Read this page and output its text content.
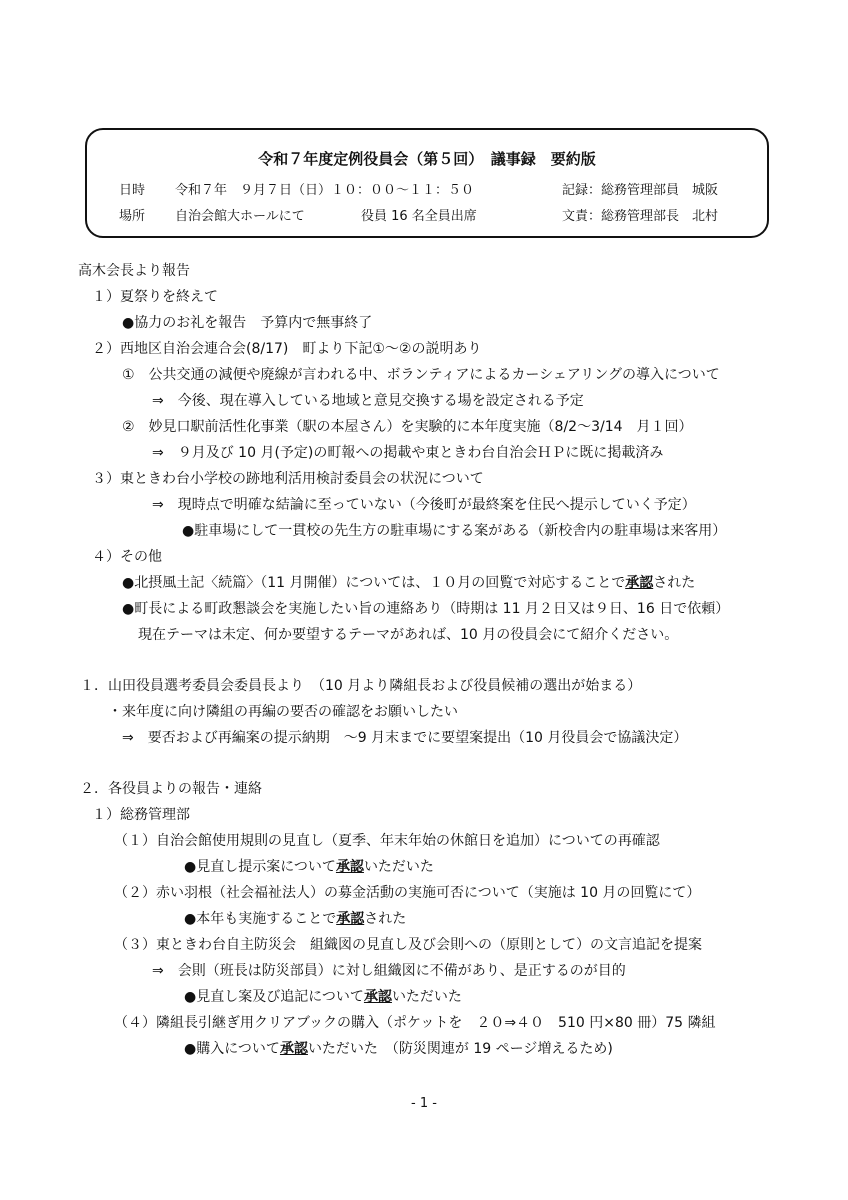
令和７年度定例役員会（第５回）　議事録　要約版
日時 令和７年　９月７日（日）１０：００〜１１：５０	記録：総務管理部員　城阪
場所 自治会館大ホールにて	役員 16 名全員出席	文責：総務管理部長　北村
高木会長より報告
１）夏祭りを終えて
●協力のお礼を報告　予算内で無事終了
２）西地区自治会連合会(8/17)　町より下記①〜②の説明あり
①　公共交通の減便や廃線が言われる中、ボランティアによるカーシェアリングの導入について
⇒　今後、現在導入している地域と意見交換する場を設定される予定
②　妙見口駅前活性化事業（駅の本屋さん）を実験的に本年度実施（8/2〜3/14　月１回）
⇒　９月及び 10 月(予定)の町報への掲載や東ときわ台自治会ＨＰに既に掲載済み
３）東ときわ台小学校の跡地利活用検討委員会の状況について
⇒　現時点で明確な結論に至っていない（今後町が最終案を住民へ提示していく予定）
●駐車場にして一貫校の先生方の駐車場にする案がある（新校舎内の駐車場は来客用）
４）その他
●北摂風土記〈続篇〉（11 月開催）については、１０月の回覧で対応することで承認された
●町長による町政懇談会を実施したい旨の連絡あり（時期は 11 月２日又は９日、16 日で依頼）
現在テーマは未定、何か要望するテーマがあれば、10 月の役員会にて紹介ください。
１．山田役員選考委員会委員長より　（10 月より隣組長および役員候補の選出が始まる）
・来年度に向け隣組の再編の要否の確認をお願いしたい
⇒　要否および再編案の提示納期　〜9 月末までに要望案提出（10 月役員会で協議決定）
２．各役員よりの報告・連絡
１）総務管理部
（１）自治会館使用規則の見直し（夏季、年末年始の休館日を追加）についての再確認
●見直し提示案について承認いただいた
（２）赤い羽根（社会福祉法人）の募金活動の実施可否について（実施は 10 月の回覧にて）
●本年も実施することで承認された
（３）東ときわ台自主防災会　組織図の見直し及び会則への（原則として）の文言追記を提案
⇒　会則（班長は防災部員）に対し組織図に不備があり、是正するのが目的
●見直し案及び追記について承認いただいた
（４）隣組長引継ぎ用クリアブックの購入（ポケットを　２０⇒４０　510 円×80 冊）75 隣組
●購入について承認いただいた　（防災関連が 19 ページ増えるため)
- 1 -
